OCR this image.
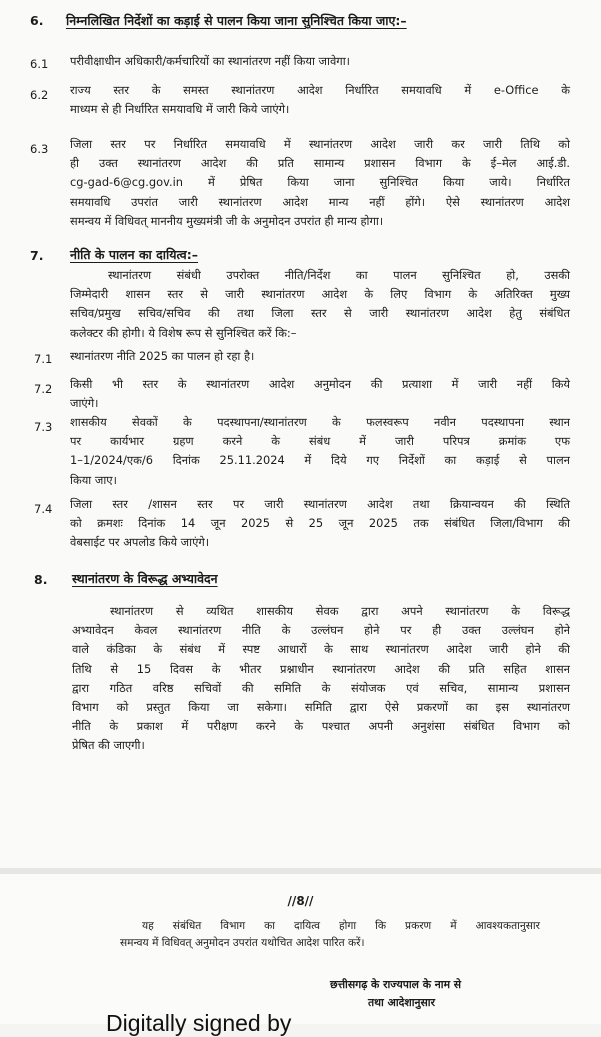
6. निम्नलिखित निर्देशों का कड़ाई से पालन किया जाना सुनिश्चित किया जाए:–
6.1 परीवीक्षाधीन अधिकारी/कर्मचारियों का स्थानांतरण नहीं किया जावेगा।
6.2 राज्य स्तर के समस्त स्थानांतरण आदेश निर्धारित समयावधि में e-Office के
माध्यम से ही निर्धारित समयावधि में जारी किये जाएंगे।
6.3 जिला स्तर पर निर्धारित समयावधि में स्थानांतरण आदेश जारी कर जारी तिथि को
ही उक्त स्थानांतरण आदेश की प्रति सामान्य प्रशासन विभाग के ई–मेल आई.डी.
cg-gad-6@cg.gov.in में प्रेषित किया जाना सुनिश्चित किया जाये। निर्धारित
समयावधि उपरांत जारी स्थानांतरण आदेश मान्य नहीं होंगे। ऐसे स्थानांतरण आदेश
समन्वय में विधिवत् माननीय मुख्यमंत्री जी के अनुमोदन उपरांत ही मान्य होगा।
7. नीति के पालन का दायित्व:–
स्थानांतरण संबंधी उपरोक्त नीति/निर्देश का पालन सुनिश्चित हो, उसकी
जिम्मेदारी शासन स्तर से जारी स्थानांतरण आदेश के लिए विभाग के अतिरिक्त मुख्य
सचिव/प्रमुख सचिव/सचिव की तथा जिला स्तर से जारी स्थानांतरण आदेश हेतु संबंधित
कलेक्टर की होगी। ये विशेष रूप से सुनिश्चित करें कि:–
7.1 स्थानांतरण नीति 2025 का पालन हो रहा है।
7.2 किसी भी स्तर के स्थानांतरण आदेश अनुमोदन की प्रत्याशा में जारी नहीं किये
जाएंगे।
7.3 शासकीय सेवकों के पदस्थापना/स्थानांतरण के फलस्वरूप नवीन पदस्थापना स्थान
पर कार्यभार ग्रहण करने के संबंध में जारी परिपत्र क्रमांक एफ
1–1/2024/एक/6 दिनांक 25.11.2024 में दिये गए निर्देशों का कड़ाई से पालन
किया जाए।
7.4 जिला स्तर /शासन स्तर पर जारी स्थानांतरण आदेश तथा क्रियान्वयन की स्थिति
को क्रमशः दिनांक 14 जून 2025 से 25 जून 2025 तक संबंधित जिला/विभाग की
वेबसाईट पर अपलोड किये जाएंगे।
8. स्थानांतरण के विरूद्ध अभ्यावेदन
स्थानांतरण से व्यथित शासकीय सेवक द्वारा अपने स्थानांतरण के विरूद्ध
अभ्यावेदन केवल स्थानांतरण नीति के उल्लंघन होने पर ही उक्त उल्लंघन होने
वाले कंडिका के संबंध में स्पष्ट आधारों के साथ स्थानांतरण आदेश जारी होने की
तिथि से 15 दिवस के भीतर प्रश्नाधीन स्थानांतरण आदेश की प्रति सहित शासन
द्वारा गठित वरिष्ठ सचिवों की समिति के संयोजक एवं सचिव, सामान्य प्रशासन
विभाग को प्रस्तुत किया जा सकेगा। समिति द्वारा ऐसे प्रकरणों का इस स्थानांतरण
नीति के प्रकाश में परीक्षण करने के पश्चात अपनी अनुशंसा संबंधित विभाग को
प्रेषित की जाएगी।
//8//
यह संबंधित विभाग का दायित्व होगा कि प्रकरण में आवश्यकतानुसार
समन्वय में विधिवत् अनुमोदन उपरांत यथोचित आदेश पारित करें।
छत्तीसगढ़ के राज्यपाल के नाम से
तथा आदेशानुसार
Digitally signed by
